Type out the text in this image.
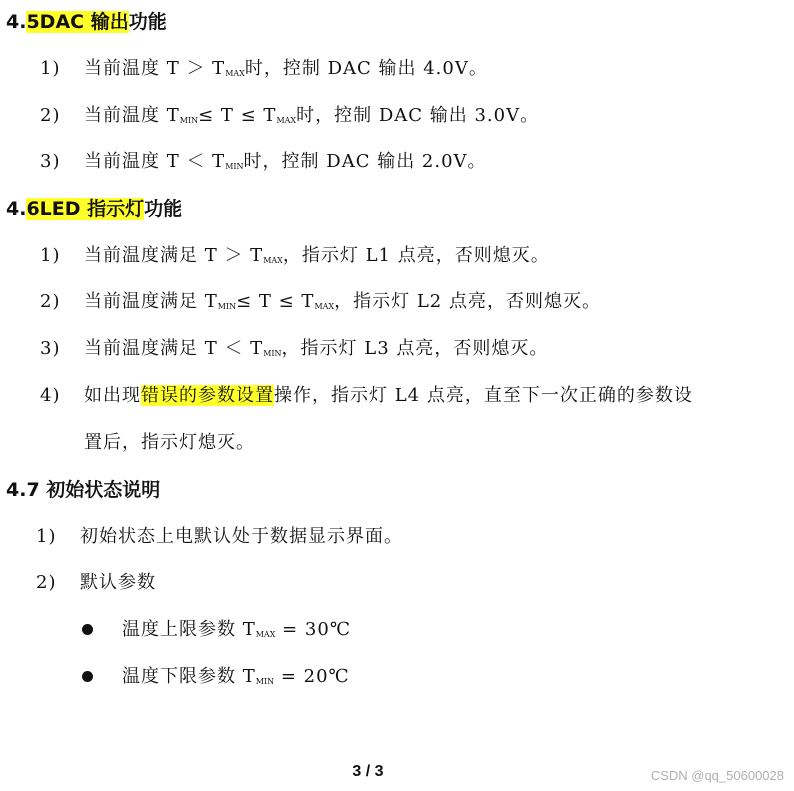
4.5DAC 输出功能
1) 当前温度 $T > T_{MAX}$时，控制 DAC 输出 4.0V。
2) 当前温度 $T_{MIN}\le T \le T_{MAX}$时，控制 DAC 输出 3.0V。
3) 当前温度 $T < T_{MIN}$时，控制 DAC 输出 2.0V。
4.6LED 指示灯功能
1) 当前温度满足 $T > T_{MAX}$，指示灯 L1 点亮，否则熄灭。
2) 当前温度满足 $T_{MIN}\le T \le T_{MAX}$，指示灯 L2 点亮，否则熄灭。
3) 当前温度满足 $T < T_{MIN}$，指示灯 L3 点亮，否则熄灭。
4) 如出现错误的参数设置操作，指示灯 L4 点亮，直至下一次正确的参数设
置后，指示灯熄灭。
4.7 初始状态说明
1) 初始状态上电默认处于数据显示界面。
2) 默认参数
温度上限参数 $T_{MAX}$ = 30℃
温度下限参数 $T_{MIN}$ = 20℃
3 / 3	CSDN @qq_50600028
